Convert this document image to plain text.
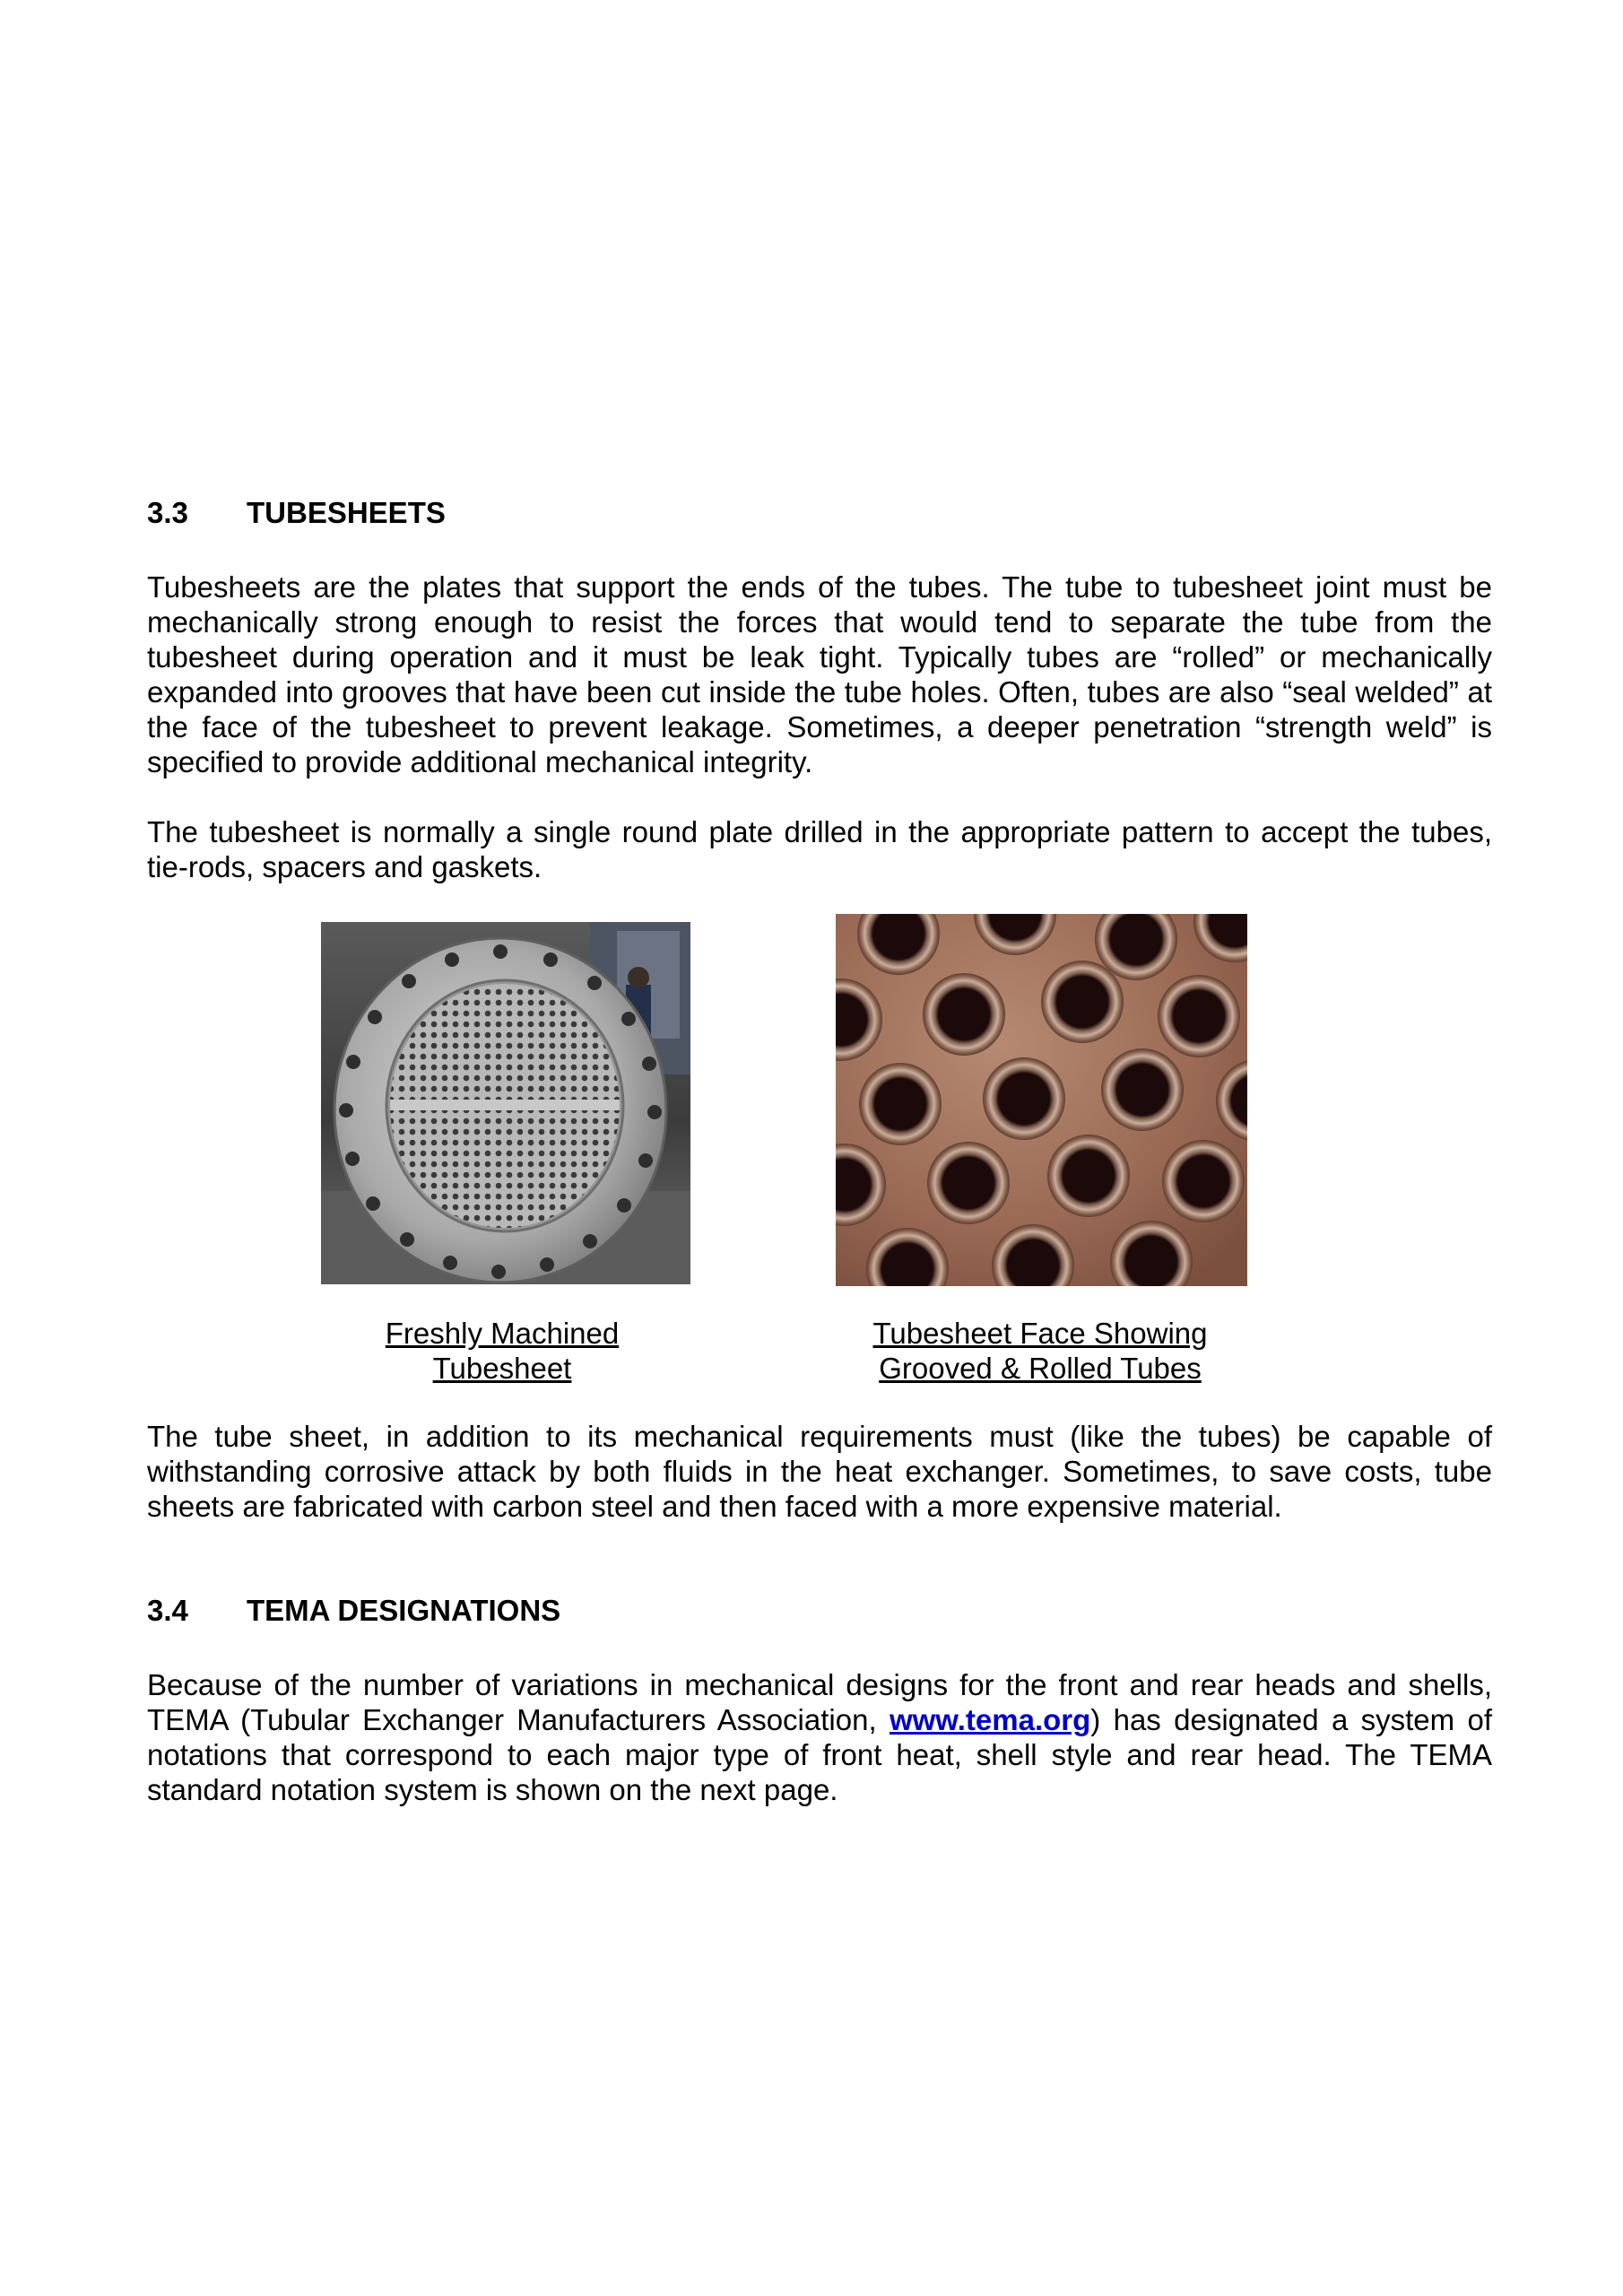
3.3 TUBESHEETS

Tubesheets are the plates that support the ends of the tubes. The tube to tubesheet joint must be mechanically strong enough to resist the forces that would tend to separate the tube from the tubesheet during operation and it must be leak tight. Typically tubes are “rolled” or mechanically expanded into grooves that have been cut inside the tube holes. Often, tubes are also “seal welded” at the face of the tubesheet to prevent leakage. Sometimes, a deeper penetration “strength weld” is specified to provide additional mechanical integrity.

The tubesheet is normally a single round plate drilled in the appropriate pattern to accept the tubes, tie-rods, spacers and gaskets.

Freshly Machined
Tubesheet
Tubesheet Face Showing
Grooved & Rolled Tubes

The tube sheet, in addition to its mechanical requirements must (like the tubes) be capable of withstanding corrosive attack by both fluids in the heat exchanger. Sometimes, to save costs, tube sheets are fabricated with carbon steel and then faced with a more expensive material.

3.4 TEMA DESIGNATIONS

Because of the number of variations in mechanical designs for the front and rear heads and shells, TEMA (Tubular Exchanger Manufacturers Association, www.tema.org) has designated a system of notations that correspond to each major type of front heat, shell style and rear head. The TEMA standard notation system is shown on the next page.
